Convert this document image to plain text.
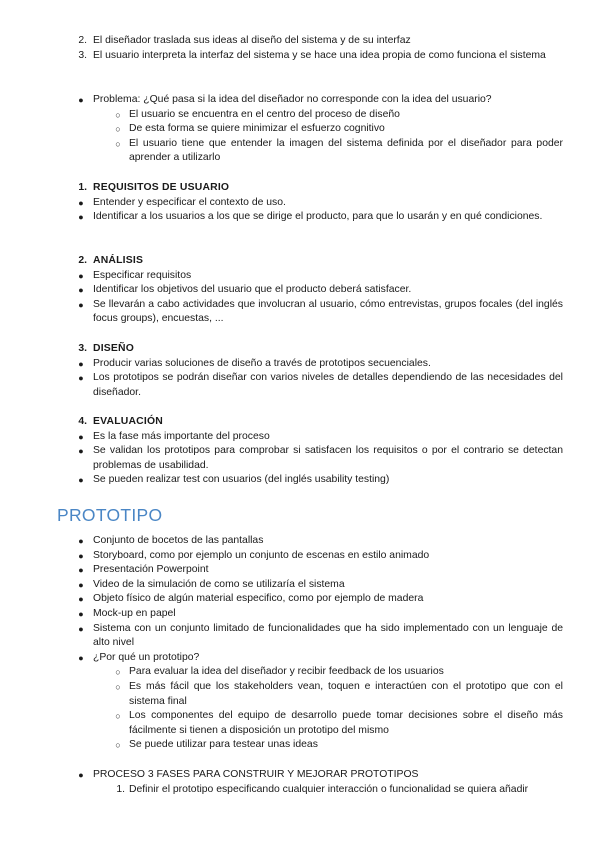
2. El diseñador traslada sus ideas al diseño del sistema y de su interfaz
3. El usuario interpreta la interfaz del sistema y se hace una idea propia de como funciona el sistema
● Problema: ¿Qué pasa si la idea del diseñador no corresponde con la idea del usuario?
○ El usuario se encuentra en el centro del proceso de diseño
○ De esta forma se quiere minimizar el esfuerzo cognitivo
○ El usuario tiene que entender la imagen del sistema definida por el diseñador para poder aprender a utilizarlo
1. REQUISITOS DE USUARIO
● Entender y especificar el contexto de uso.
● Identificar a los usuarios a los que se dirige el producto, para que lo usarán y en qué condiciones.
2. ANÁLISIS
● Especificar requisitos
● Identificar los objetivos del usuario que el producto deberá satisfacer.
● Se llevarán a cabo actividades que involucran al usuario, cómo entrevistas, grupos focales (del inglés focus groups), encuestas, ...
3. DISEÑO
● Producir varias soluciones de diseño a través de prototipos secuenciales.
● Los prototipos se podrán diseñar con varios niveles de detalles dependiendo de las necesidades del diseñador.
4. EVALUACIÓN
● Es la fase más importante del proceso
● Se validan los prototipos para comprobar si satisfacen los requisitos o por el contrario se detectan problemas de usabilidad.
● Se pueden realizar test con usuarios (del inglés usability testing)
PROTOTIPO
● Conjunto de bocetos de las pantallas
● Storyboard, como por ejemplo un conjunto de escenas en estilo animado
● Presentación Powerpoint
● Video de la simulación de como se utilizaría el sistema
● Objeto físico de algún material especifico, como por ejemplo de madera
● Mock-up en papel
● Sistema con un conjunto limitado de funcionalidades que ha sido implementado con un lenguaje de alto nivel
● ¿Por qué un prototipo?
○ Para evaluar la idea del diseñador y recibir feedback de los usuarios
○ Es más fácil que los stakeholders vean, toquen e interactúen con el prototipo que con el sistema final
○ Los componentes del equipo de desarrollo puede tomar decisiones sobre el diseño más fácilmente si tienen a disposición un prototipo del mismo
○ Se puede utilizar para testear unas ideas
● PROCESO 3 FASES PARA CONSTRUIR Y MEJORAR PROTOTIPOS
1. Definir el prototipo especificando cualquier interacción o funcionalidad se quiera añadir
